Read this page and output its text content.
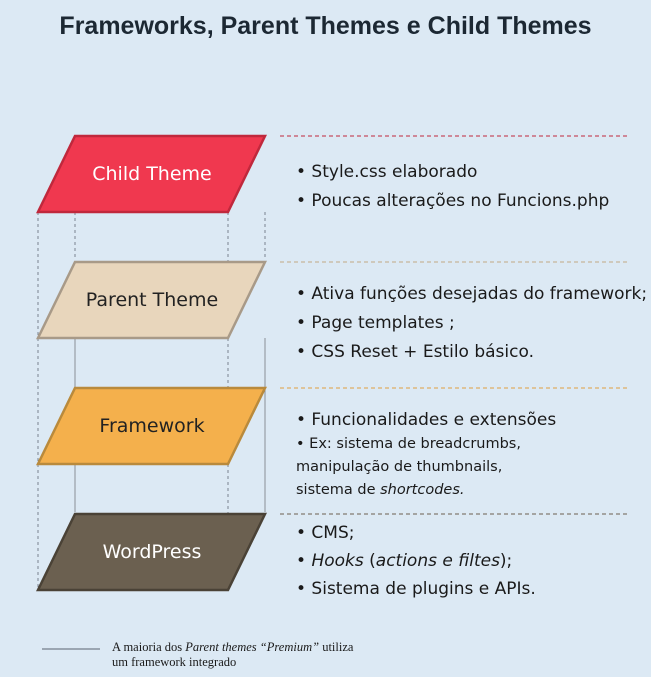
Frameworks, Parent Themes e Child Themes
Child Theme
Parent Theme
Framework
WordPress
• Style.css elaborado
• Poucas alterações no Funcions.php
• Ativa funções desejadas do framework;
• Page templates ;
• CSS Reset + Estilo básico.
• Funcionalidades e extensões
• Ex: sistema de breadcrumbs,
manipulação de thumbnails,
sistema de shortcodes.
• CMS;
• Hooks (actions e filtes);
• Sistema de plugins e APIs.
A maioria dos Parent themes “Premium” utiliza
um framework integrado
